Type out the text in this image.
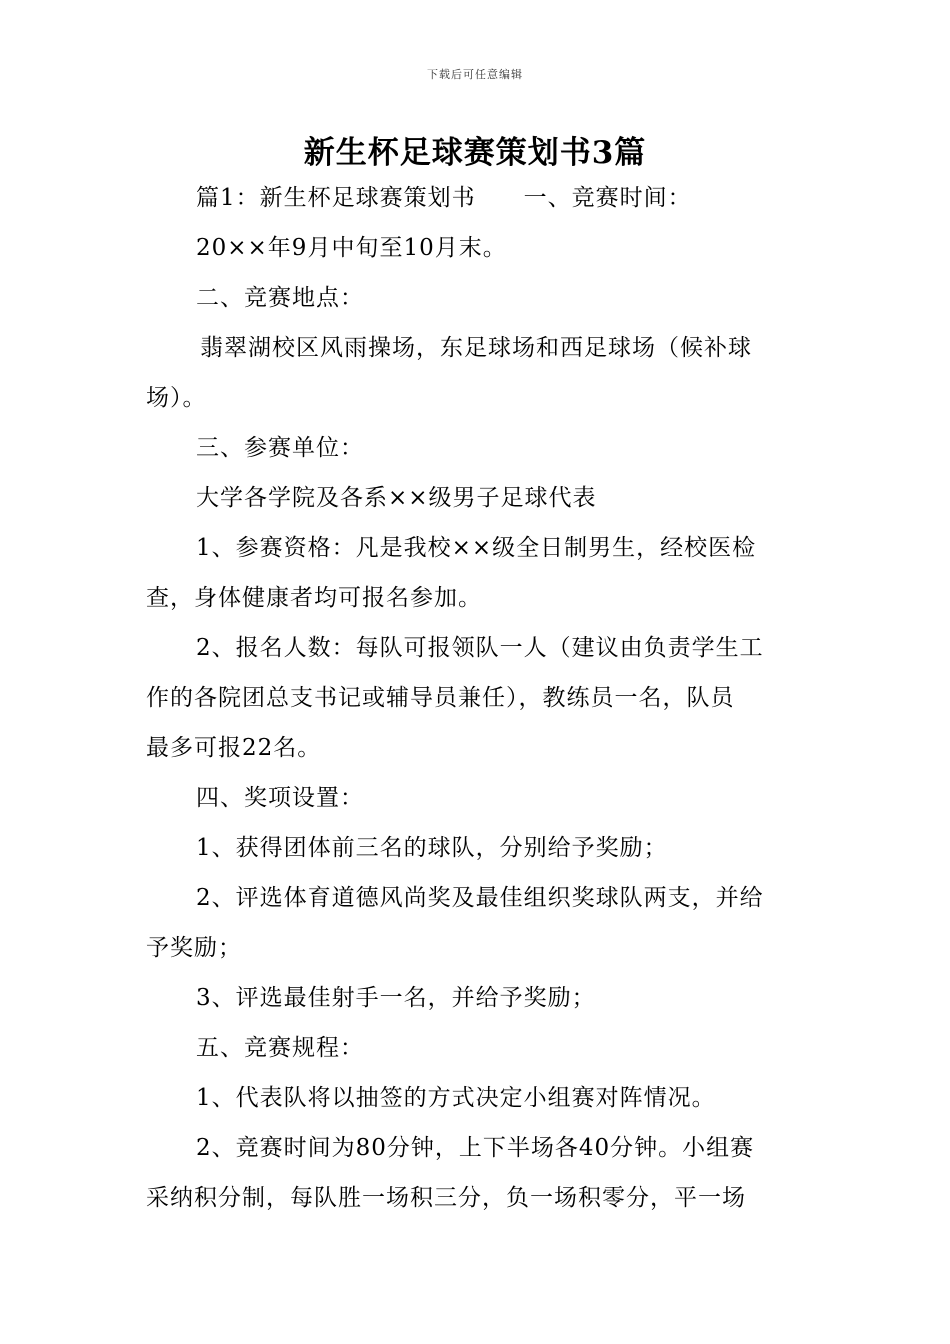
下载后可任意编辑
新生杯足球赛策划书3篇
篇1：新生杯足球赛策划书　　一、竞赛时间：
20××年9月中旬至10月末。
二、竞赛地点：
翡翠湖校区风雨操场，东足球场和西足球场（候补球
场）。
三、参赛单位：
大学各学院及各系××级男子足球代表
1、参赛资格：凡是我校××级全日制男生，经校医检
查，身体健康者均可报名参加。
2、报名人数：每队可报领队一人（建议由负责学生工
作的各院团总支书记或辅导员兼任），教练员一名，队员
最多可报22名。
四、奖项设置：
1、获得团体前三名的球队，分别给予奖励；
2、评选体育道德风尚奖及最佳组织奖球队两支，并给
予奖励；
3、评选最佳射手一名，并给予奖励；
五、竞赛规程：
1、代表队将以抽签的方式决定小组赛对阵情况。
2、竞赛时间为80分钟，上下半场各40分钟。小组赛
采纳积分制，每队胜一场积三分，负一场积零分，平一场
